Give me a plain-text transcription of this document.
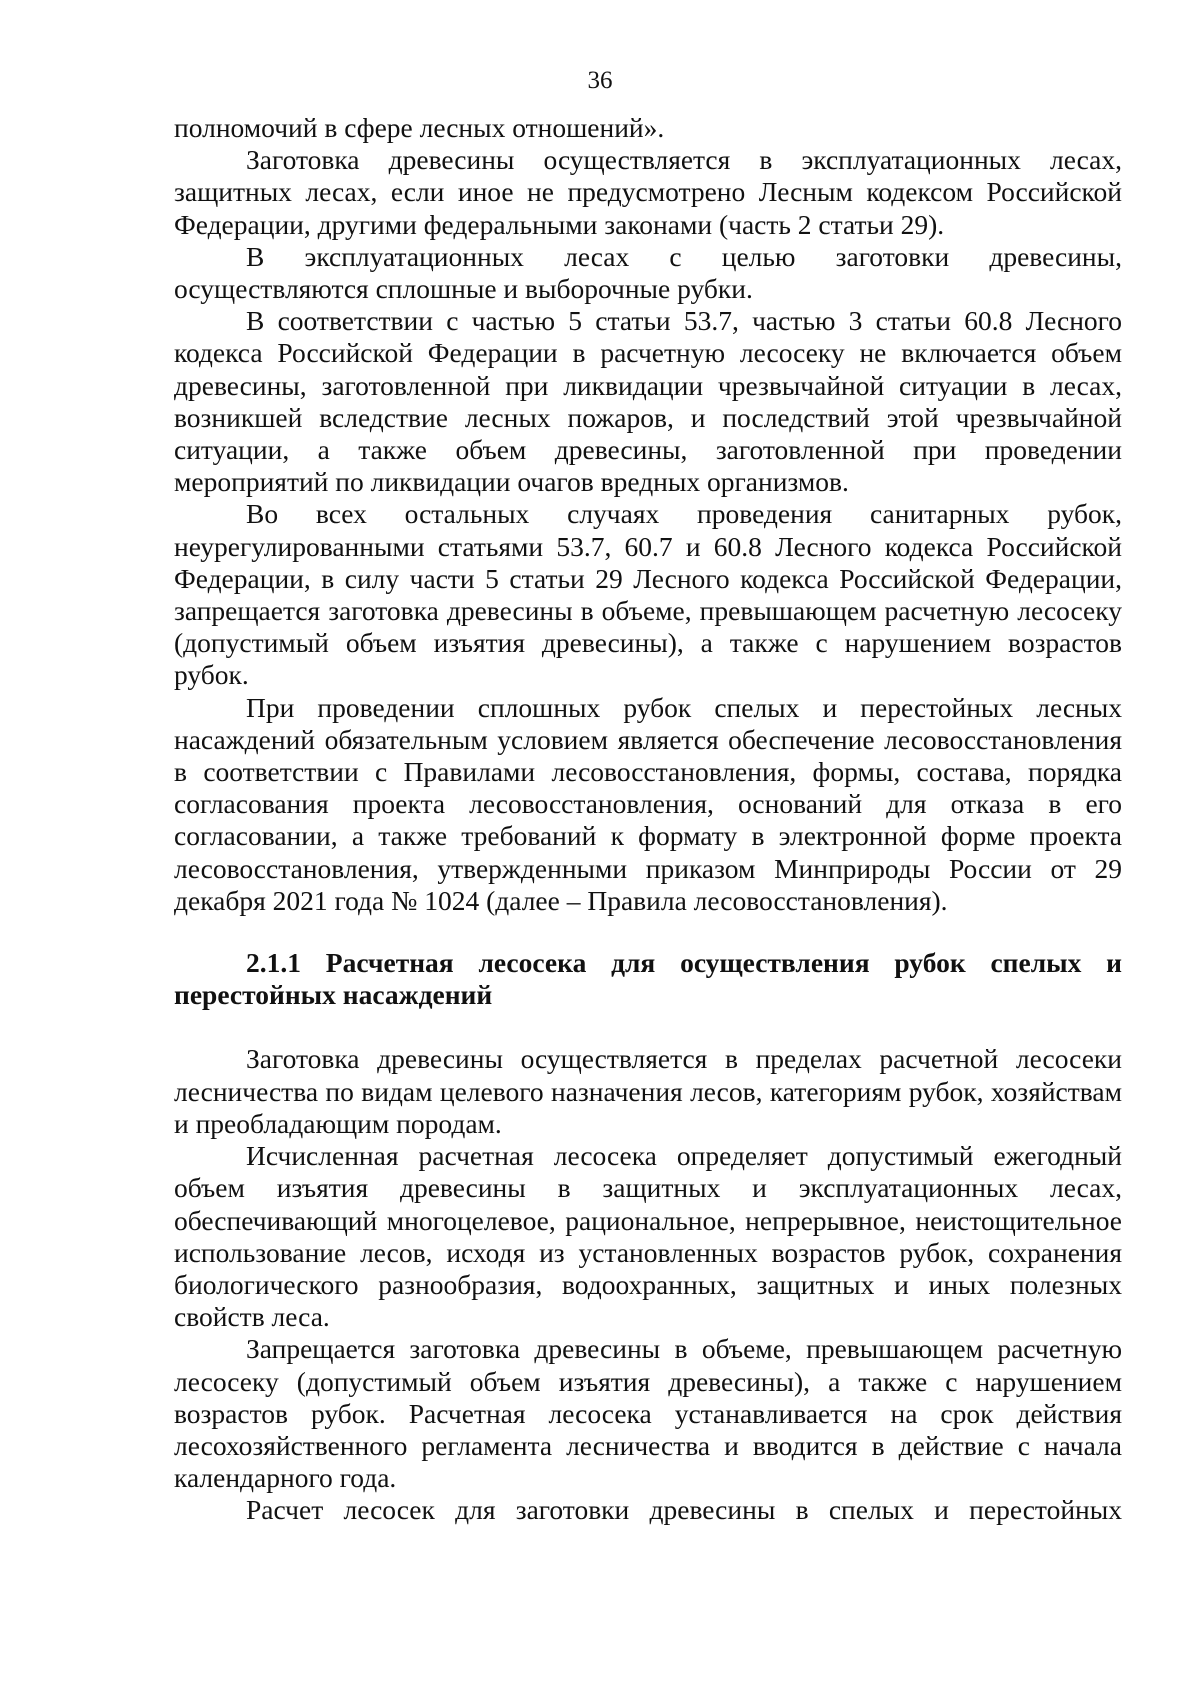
36

полномочий в сфере лесных отношений».

Заготовка древесины осуществляется в эксплуатационных лесах, защитных лесах, если иное не предусмотрено Лесным кодексом Российской Федерации, другими федеральными законами (часть 2 статьи 29).

В эксплуатационных лесах с целью заготовки древесины, осуществляются сплошные и выборочные рубки.

В соответствии с частью 5 статьи 53.7, частью 3 статьи 60.8 Лесного кодекса Российской Федерации в расчетную лесосеку не включается объем древесины, заготовленной при ликвидации чрезвычайной ситуации в лесах, возникшей вследствие лесных пожаров, и последствий этой чрезвычайной ситуации, а также объем древесины, заготовленной при проведении мероприятий по ликвидации очагов вредных организмов.

Во всех остальных случаях проведения санитарных рубок, неурегулированными статьями 53.7, 60.7 и 60.8 Лесного кодекса Российской Федерации, в силу части 5 статьи 29 Лесного кодекса Российской Федерации, запрещается заготовка древесины в объеме, превышающем расчетную лесосеку (допустимый объем изъятия древесины), а также с нарушением возрастов рубок.

При проведении сплошных рубок спелых и перестойных лесных насаждений обязательным условием является обеспечение лесовосстановления в соответствии с Правилами лесовосстановления, формы, состава, порядка согласования проекта лесовосстановления, оснований для отказа в его согласовании, а также требований к формату в электронной форме проекта лесовосстановления, утвержденными приказом Минприроды России от 29 декабря 2021 года № 1024 (далее – Правила лесовосстановления).

2.1.1 Расчетная лесосека для осуществления рубок спелых и перестойных насаждений

Заготовка древесины осуществляется в пределах расчетной лесосеки лесничества по видам целевого назначения лесов, категориям рубок, хозяйствам и преобладающим породам.

Исчисленная расчетная лесосека определяет допустимый ежегодный объем изъятия древесины в защитных и эксплуатационных лесах, обеспечивающий многоцелевое, рациональное, непрерывное, неистощительное использование лесов, исходя из установленных возрастов рубок, сохранения биологического разнообразия, водоохранных, защитных и иных полезных свойств леса.

Запрещается заготовка древесины в объеме, превышающем расчетную лесосеку (допустимый объем изъятия древесины), а также с нарушением возрастов рубок. Расчетная лесосека устанавливается на срок действия лесохозяйственного регламента лесничества и вводится в действие с начала календарного года.

Расчет лесосек для заготовки древесины в спелых и перестойных
